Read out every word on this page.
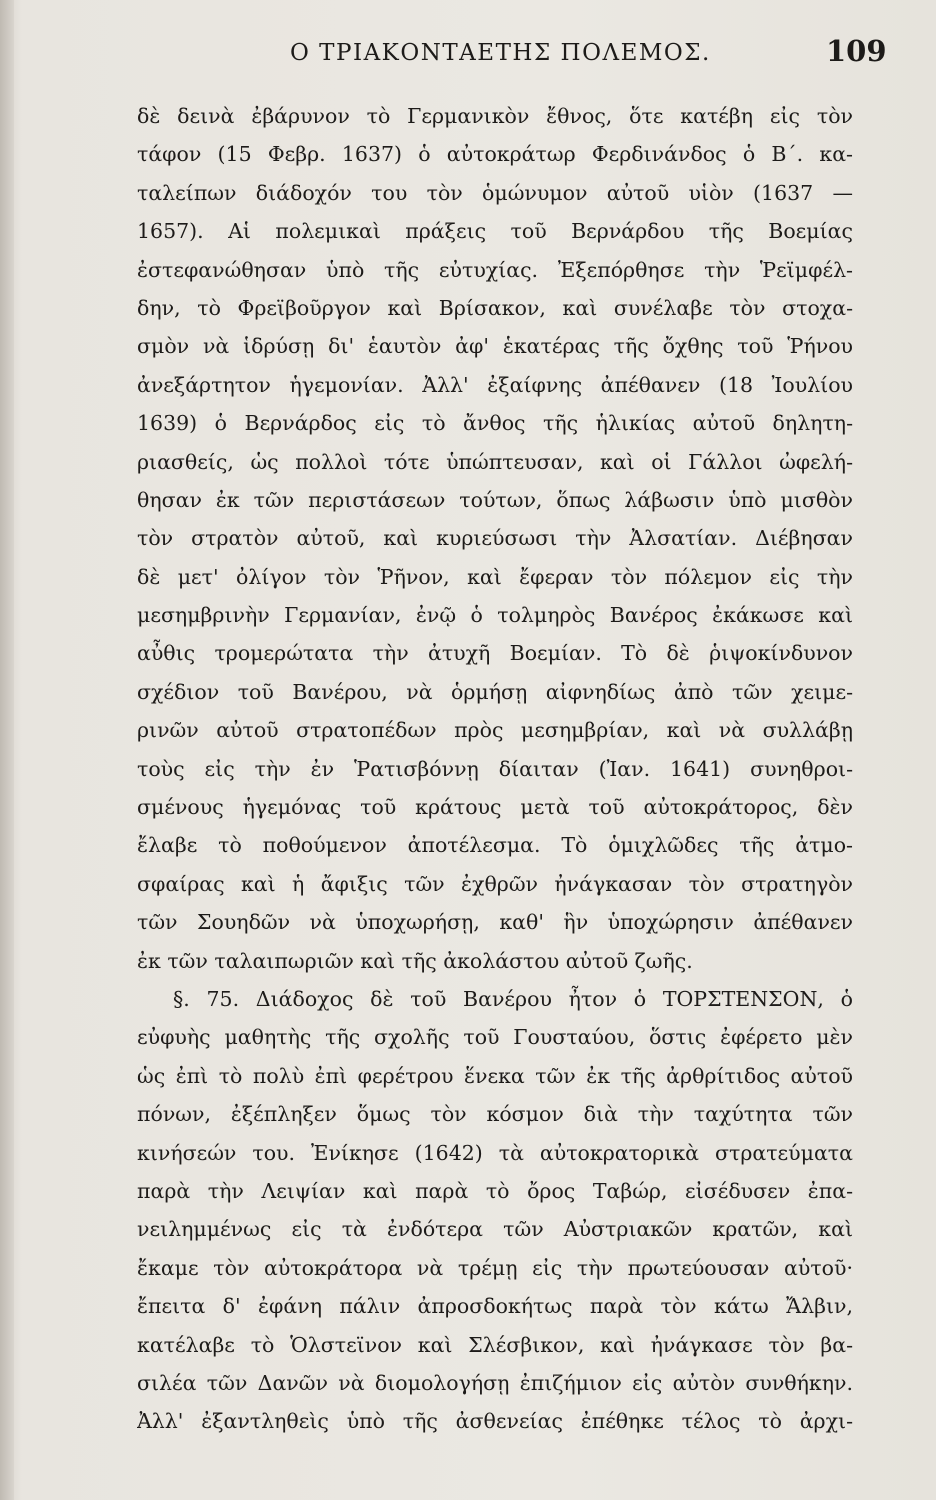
Ο ΤΡΙΑΚΟΝΤΑΕΤΗΣ ΠΟΛΕΜΟΣ.	109
δὲ δεινὰ ἐβάρυνον τὸ Γερμανικὸν ἔθνος, ὅτε κατέβη εἰς τὸν
τάφον (15 Φεβρ. 1637) ὁ αὐτοκράτωρ Φερδινάνδος ὁ Β΄. κα-
ταλείπων διάδοχόν του τὸν ὁμώνυμον αὐτοῦ υἱὸν (1637 —
1657). Αἱ πολεμικαὶ πράξεις τοῦ Βερνάρδου τῆς Βοεμίας
ἐστεφανώθησαν ὑπὸ τῆς εὐτυχίας. Ἐξεπόρθησε τὴν Ῥεϊμφέλ-
δην, τὸ Φρεϊβοῦργον καὶ Βρίσακον, καὶ συνέλαβε τὸν στοχα-
σμὸν νὰ ἱδρύσῃ δι' ἑαυτὸν ἀφ' ἑκατέρας τῆς ὄχθης τοῦ Ῥήνου
ἀνεξάρτητον ἡγεμονίαν. Ἀλλ' ἐξαίφνης ἀπέθανεν (18 Ἰουλίου
1639) ὁ Βερνάρδος εἰς τὸ ἄνθος τῆς ἡλικίας αὐτοῦ δηλητη-
ριασθείς, ὡς πολλοὶ τότε ὑπώπτευσαν, καὶ οἱ Γάλλοι ὠφελή-
θησαν ἐκ τῶν περιστάσεων τούτων, ὅπως λάβωσιν ὑπὸ μισθὸν
τὸν στρατὸν αὐτοῦ, καὶ κυριεύσωσι τὴν Ἀλσατίαν. Διέβησαν
δὲ μετ' ὀλίγον τὸν Ῥῆνον, καὶ ἔφεραν τὸν πόλεμον εἰς τὴν
μεσημβρινὴν Γερμανίαν, ἐνῷ ὁ τολμηρὸς Βανέρος ἐκάκωσε καὶ
αὖθις τρομερώτατα τὴν ἀτυχῆ Βοεμίαν. Τὸ δὲ ῥιψοκίνδυνον
σχέδιον τοῦ Βανέρου, νὰ ὁρμήσῃ αἰφνηδίως ἀπὸ τῶν χειμε-
ρινῶν αὐτοῦ στρατοπέδων πρὸς μεσημβρίαν, καὶ νὰ συλλάβῃ
τοὺς εἰς τὴν ἐν Ῥατισβόννῃ δίαιταν (Ἰαν. 1641) συνηθροι-
σμένους ἡγεμόνας τοῦ κράτους μετὰ τοῦ αὐτοκράτορος, δὲν
ἔλαβε τὸ ποθούμενον ἀποτέλεσμα. Τὸ ὁμιχλῶδες τῆς ἀτμο-
σφαίρας καὶ ἡ ἄφιξις τῶν ἐχθρῶν ἠνάγκασαν τὸν στρατηγὸν
τῶν Σουηδῶν νὰ ὑποχωρήσῃ, καθ' ἣν ὑποχώρησιν ἀπέθανεν
ἐκ τῶν ταλαιπωριῶν καὶ τῆς ἀκολάστου αὐτοῦ ζωῆς.
§. 75. Διάδοχος δὲ τοῦ Βανέρου ἦτον ὁ ΤΟΡΣΤΕΝΣΟΝ, ὁ
εὐφυὴς μαθητὴς τῆς σχολῆς τοῦ Γουσταύου, ὅστις ἐφέρετο μὲν
ὡς ἐπὶ τὸ πολὺ ἐπὶ φερέτρου ἕνεκα τῶν ἐκ τῆς ἀρθρίτιδος αὐτοῦ
πόνων, ἐξέπληξεν ὅμως τὸν κόσμον διὰ τὴν ταχύτητα τῶν
κινήσεών του. Ἐνίκησε (1642) τὰ αὐτοκρατορικὰ στρατεύματα
παρὰ τὴν Λειψίαν καὶ παρὰ τὸ ὄρος Ταβώρ, εἰσέδυσεν ἐπα-
νειλημμένως εἰς τὰ ἐνδότερα τῶν Αὐστριακῶν κρατῶν, καὶ
ἔκαμε τὸν αὐτοκράτορα νὰ τρέμῃ εἰς τὴν πρωτεύουσαν αὐτοῦ·
ἔπειτα δ' ἐφάνη πάλιν ἀπροσδοκήτως παρὰ τὸν κάτω Ἄλβιν,
κατέλαβε τὸ Ὁλστεϊνον καὶ Σλέσβικον, καὶ ἠνάγκασε τὸν βα-
σιλέα τῶν Δανῶν νὰ διομολογήσῃ ἐπιζήμιον εἰς αὐτὸν συνθήκην.
Ἀλλ' ἐξαντληθεὶς ὑπὸ τῆς ἀσθενείας ἐπέθηκε τέλος τὸ ἀρχι-
